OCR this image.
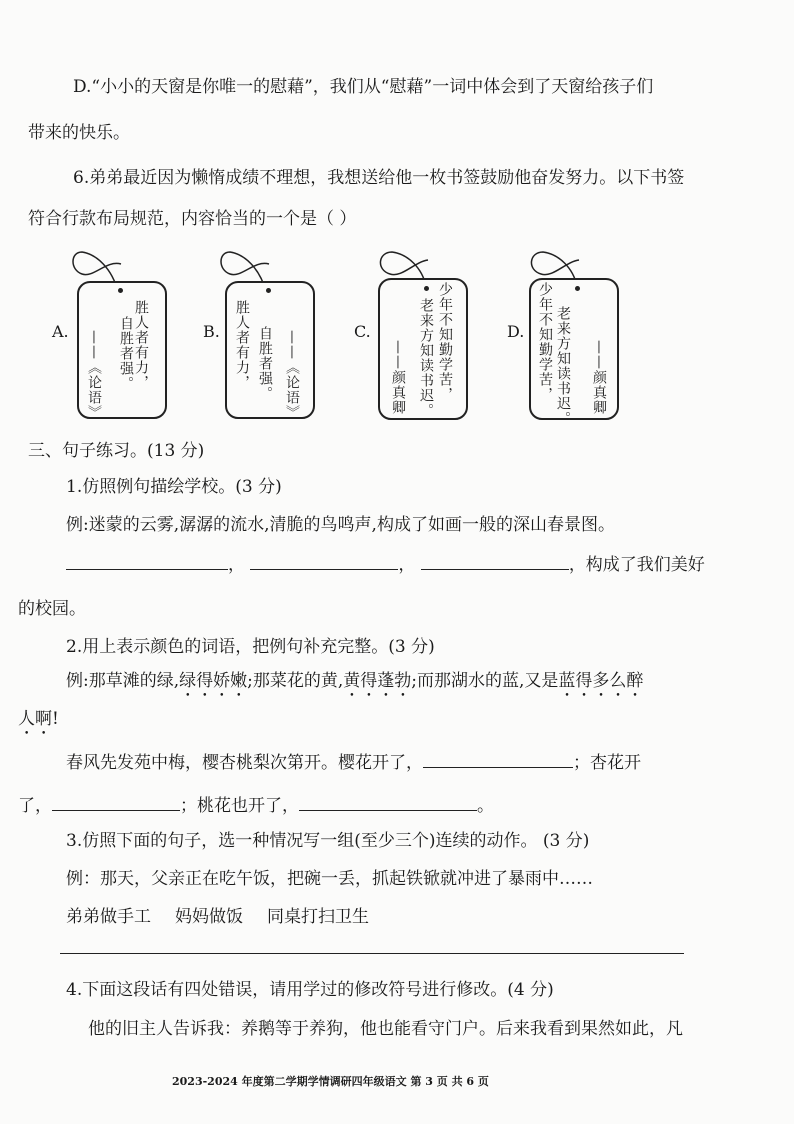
D.“小小的天窗是你唯一的慰藉”，我们从“慰藉”一词中体会到了天窗给孩子们
带来的快乐。
6.弟弟最近因为懒惰成绩不理想，我想送给他一枚书签鼓励他奋发努力。以下书签
符合行款布局规范，内容恰当的一个是（ ）
A.	胜人者有力，
自胜者强。
——《论语》	B. 胜人者有力， 自胜者强。 ——《论语》	C.	少年不知勤学苦，
老来方知读书迟。
——颜真卿
D. 少年不知勤学苦， 老来方知读书迟。 ——颜真卿
三、句子练习。(13 分)
1.仿照例句描绘学校。(3 分)
例:迷蒙的云雾,潺潺的流水,清脆的鸟鸣声,构成了如画一般的深山春景图。
，	，	，构成了我们美好
的校园。
2.用上表示颜色的词语，把例句补充完整。(3 分)
例:那草滩的绿,绿得娇嫩;那菜花的黄,黄得蓬勃;而那湖水的蓝,又是蓝得多么醉
人啊!
春风先发苑中梅，樱杏桃梨次第开。樱花开了，	；杏花开
了，	；桃花也开了，	。
3.仿照下面的句子，选一种情况写一组(至少三个)连续的动作。 (3 分)
例：那天，父亲正在吃午饭，把碗一丢，抓起铁锨就冲进了暴雨中……
弟弟做手工 妈妈做饭 同桌打扫卫生
4.下面这段话有四处错误，请用学过的修改符号进行修改。(4 分)
他的旧主人告诉我：养鹅等于养狗，他也能看守门户。后来我看到果然如此，凡
2023-2024 年度第二学期学情调研四年级语文 第 3 页 共 6 页
